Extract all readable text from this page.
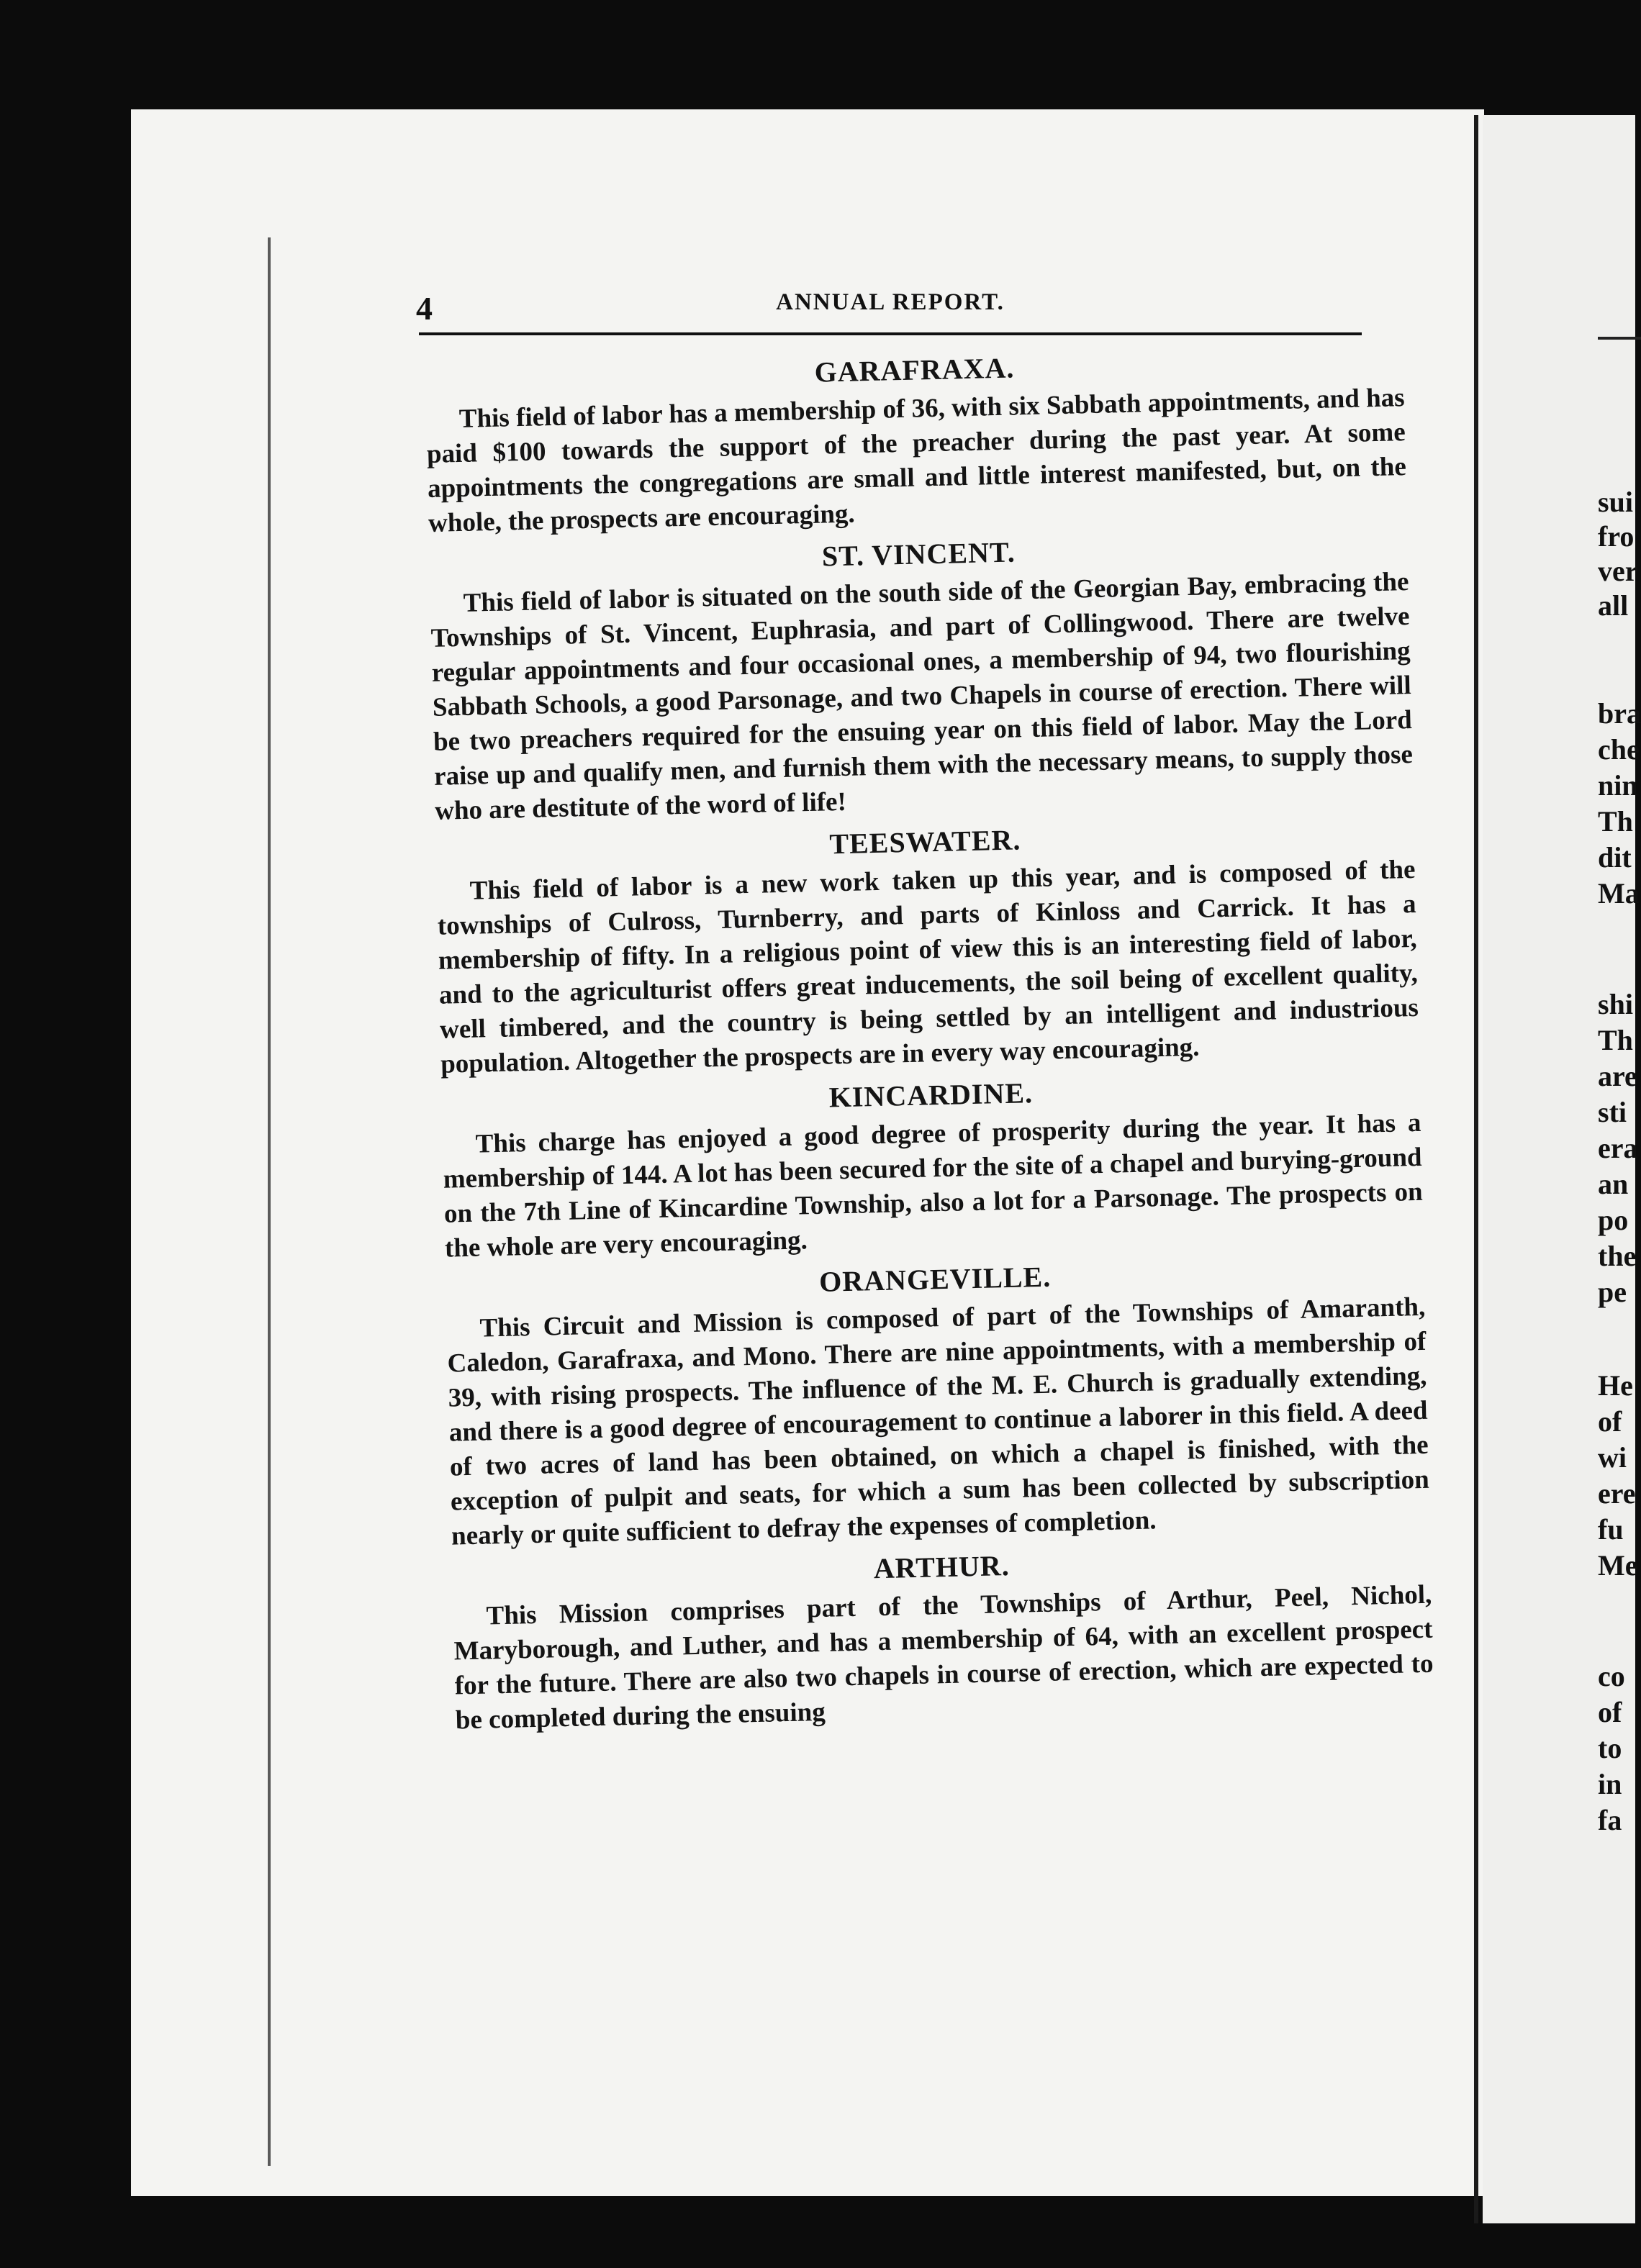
sui

fro

ver

all

bra

che

nin

Th

dit

Ma

shi

Th

are

sti

era

an

po

the

pe

He

of

wi

ere

fu

Me

co

of

to

in

fa

4	ANNUAL REPORT.
GARAFRAXA.

This field of labor has a membership of 36, with six Sabbath appointments, and has paid $100 towards the support of the preacher during the past year. At some appointments the congregations are small and little interest manifested, but, on the whole, the prospects are encouraging.

ST. VINCENT.

This field of labor is situated on the south side of the Georgian Bay, embracing the Townships of St. Vincent, Euphrasia, and part of Collingwood. There are twelve regular appointments and four occasional ones, a membership of 94, two flourishing Sabbath Schools, a good Parsonage, and two Chapels in course of erection. There will be two preachers required for the ensuing year on this field of labor. May the Lord raise up and qualify men, and furnish them with the necessary means, to supply those who are destitute of the word of life!

TEESWATER.

This field of labor is a new work taken up this year, and is composed of the townships of Culross, Turnberry, and parts of Kinloss and Carrick. It has a membership of fifty. In a religious point of view this is an interesting field of labor, and to the agriculturist offers great inducements, the soil being of excellent quality, well timbered, and the country is being settled by an intelligent and industrious population. Altogether the prospects are in every way encouraging.

KINCARDINE.

This charge has enjoyed a good degree of prosperity during the year. It has a membership of 144. A lot has been secured for the site of a chapel and burying-ground on the 7th Line of Kincardine Township, also a lot for a Parsonage. The prospects on the whole are very encouraging.

ORANGEVILLE.

This Circuit and Mission is composed of part of the Townships of Amaranth, Caledon, Garafraxa, and Mono. There are nine appointments, with a membership of 39, with rising prospects. The influence of the M. E. Church is gradually extending, and there is a good degree of encouragement to continue a laborer in this field. A deed of two acres of land has been obtained, on which a chapel is finished, with the exception of pulpit and seats, for which a sum has been collected by subscription nearly or quite sufficient to defray the expenses of completion.

ARTHUR.

This Mission comprises part of the Townships of Arthur, Peel, Nichol, Maryborough, and Luther, and has a membership of 64, with an excellent prospect for the future. There are also two chapels in course of erection, which are expected to be completed during the ensuing
